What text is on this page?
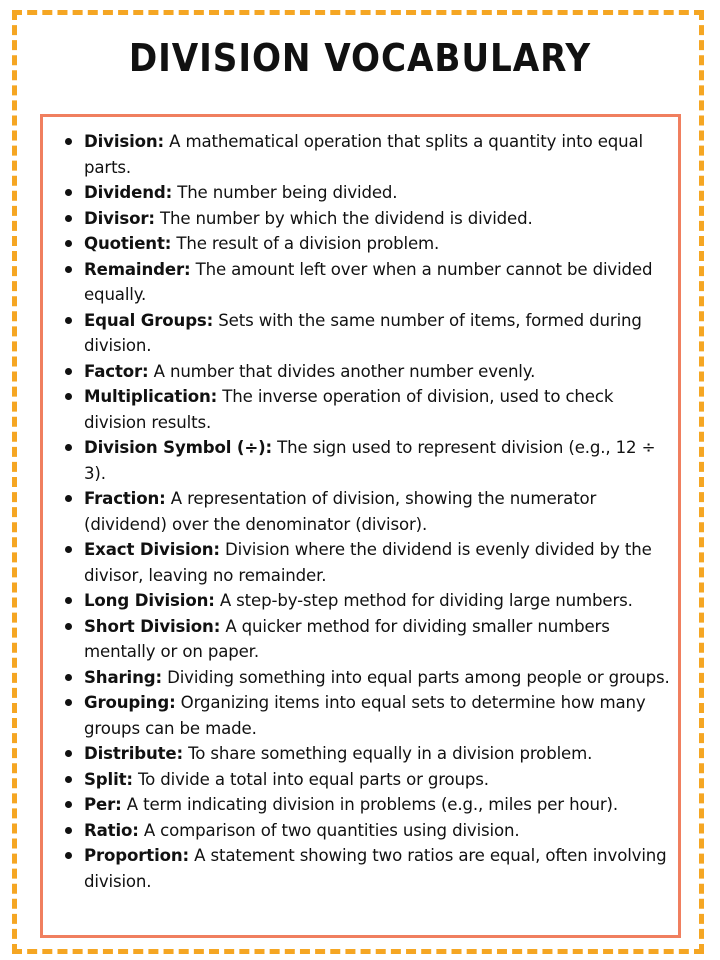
DIVISION VOCABULARY
Division: A mathematical operation that splits a quantity into equal parts.
Dividend: The number being divided.
Divisor: The number by which the dividend is divided.
Quotient: The result of a division problem.
Remainder: The amount left over when a number cannot be divided equally.
Equal Groups: Sets with the same number of items, formed during division.
Factor: A number that divides another number evenly.
Multiplication: The inverse operation of division, used to check division results.
Division Symbol (÷): The sign used to represent division (e.g., 12 ÷ 3).
Fraction: A representation of division, showing the numerator (dividend) over the denominator (divisor).
Exact Division: Division where the dividend is evenly divided by the divisor, leaving no remainder.
Long Division: A step-by-step method for dividing large numbers.
Short Division: A quicker method for dividing smaller numbers mentally or on paper.
Sharing: Dividing something into equal parts among people or groups.
Grouping: Organizing items into equal sets to determine how many groups can be made.
Distribute: To share something equally in a division problem.
Split: To divide a total into equal parts or groups.
Per: A term indicating division in problems (e.g., miles per hour).
Ratio: A comparison of two quantities using division.
Proportion: A statement showing two ratios are equal, often involving division.
